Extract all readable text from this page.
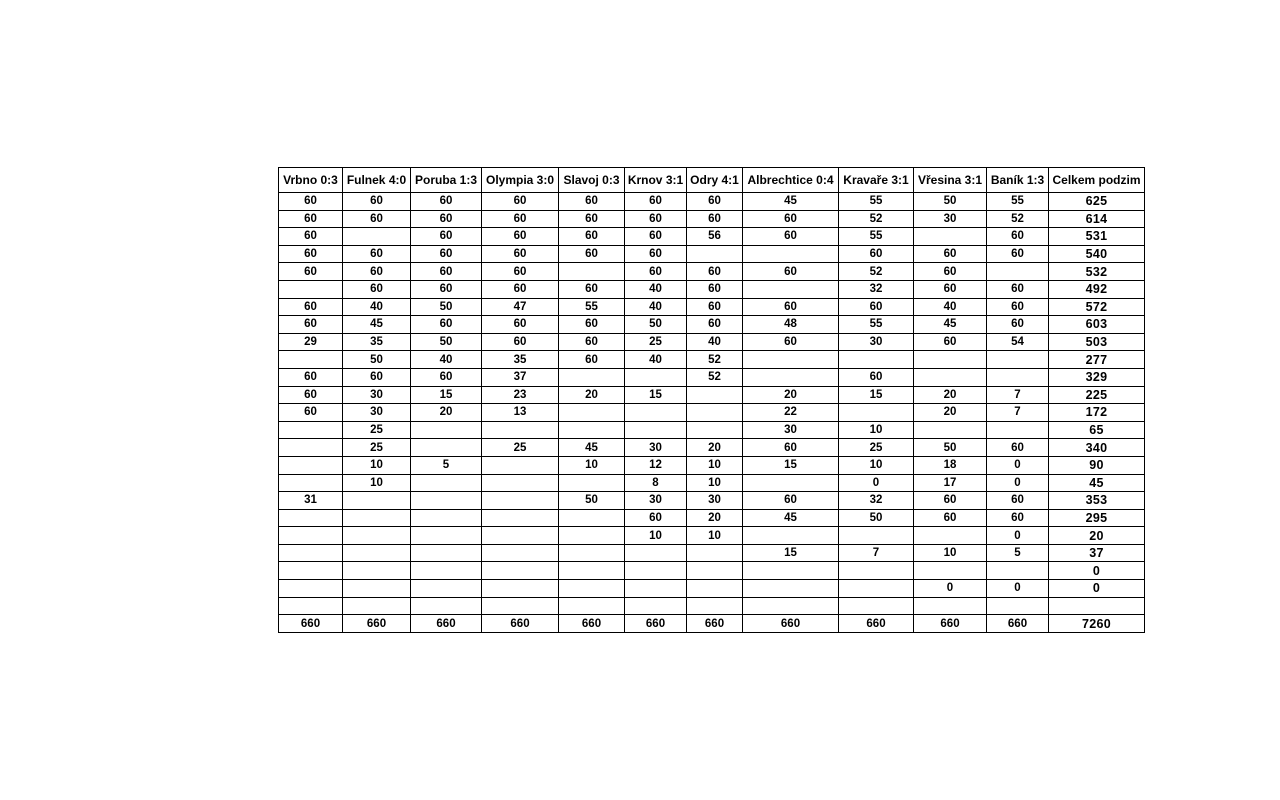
Vrbno 0:3	Fulnek 4:0	Poruba 1:3	Olympia 3:0	Slavoj 0:3	Krnov 3:1	Odry 4:1	Albrechtice 0:4	Kravaře 3:1	Vřesina 3:1	Baník 1:3	Celkem podzim
60	60	60	60	60	60	60	45	55	50	55	625
60	60	60	60	60	60	60	60	52	30	52	614
60		60	60	60	60	56	60	55		60	531
60	60	60	60	60	60			60	60	60	540
60	60	60	60		60	60	60	52	60		532
	60	60	60	60	40	60		32	60	60	492
60	40	50	47	55	40	60	60	60	40	60	572
60	45	60	60	60	50	60	48	55	45	60	603
29	35	50	60	60	25	40	60	30	60	54	503
	50	40	35	60	40	52					277
60	60	60	37			52		60			329
60	30	15	23	20	15		20	15	20	7	225
60	30	20	13				22		20	7	172
	25						30	10			65
	25		25	45	30	20	60	25	50	60	340
	10	5		10	12	10	15	10	18	0	90
	10				8	10		0	17	0	45
31				50	30	30	60	32	60	60	353
					60	20	45	50	60	60	295
					10	10				0	20
							15	7	10	5	37
											0
									0	0	0

660	660	660	660	660	660	660	660	660	660	660	7260
